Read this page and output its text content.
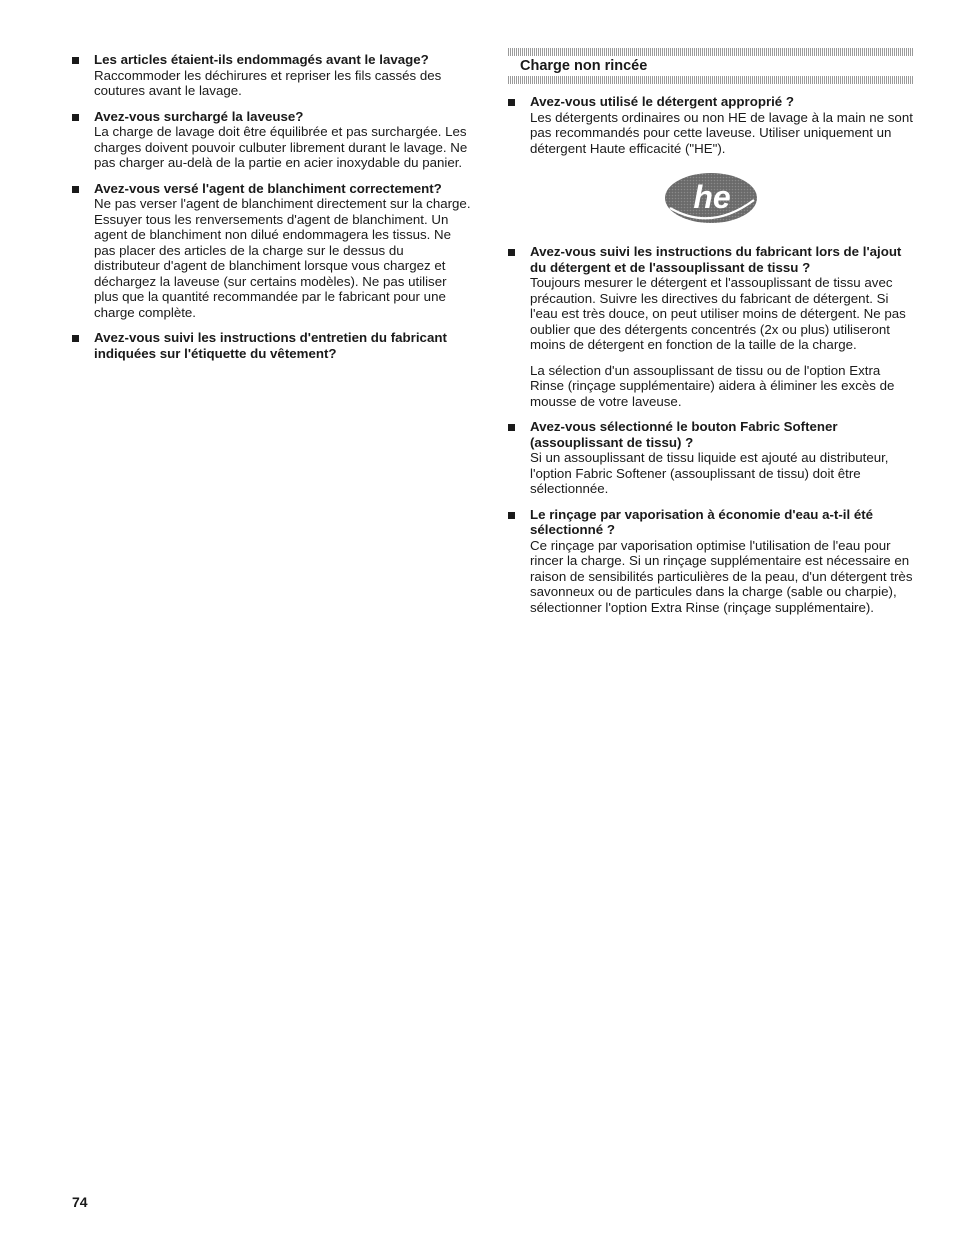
Les articles étaient-ils endommagés avant le lavage?
Raccommoder les déchirures et repriser les fils cassés des coutures avant le lavage.
Avez-vous surchargé la laveuse?
La charge de lavage doit être équilibrée et pas surchargée. Les charges doivent pouvoir culbuter librement durant le lavage. Ne pas charger au-delà de la partie en acier inoxydable du panier.
Avez-vous versé l'agent de blanchiment correctement?
Ne pas verser l'agent de blanchiment directement sur la charge. Essuyer tous les renversements d'agent de blanchiment. Un agent de blanchiment non dilué endommagera les tissus. Ne pas placer des articles de la charge sur le dessus du distributeur d'agent de blanchiment lorsque vous chargez et déchargez la laveuse (sur certains modèles). Ne pas utiliser plus que la quantité recommandée par le fabricant pour une charge complète.
Avez-vous suivi les instructions d'entretien du fabricant indiquées sur l'étiquette du vêtement?
Charge non rincée
Avez-vous utilisé le détergent approprié ?
Les détergents ordinaires ou non HE de lavage à la main ne sont pas recommandés pour cette laveuse. Utiliser uniquement un détergent Haute efficacité ("HE").
he
Avez-vous suivi les instructions du fabricant lors de l'ajout du détergent et de l'assouplissant de tissu ?
Toujours mesurer le détergent et l'assouplissant de tissu avec précaution. Suivre les directives du fabricant de détergent. Si l'eau est très douce, on peut utiliser moins de détergent. Ne pas oublier que des détergents concentrés (2x ou plus) utiliseront moins de détergent en fonction de la taille de la charge.
La sélection d'un assouplissant de tissu ou de l'option Extra Rinse (rinçage supplémentaire) aidera à éliminer les excès de mousse de votre laveuse.
Avez-vous sélectionné le bouton Fabric Softener (assouplissant de tissu) ?
Si un assouplissant de tissu liquide est ajouté au distributeur, l'option Fabric Softener (assouplissant de tissu) doit être sélectionnée.
Le rinçage par vaporisation à économie d'eau a-t-il été sélectionné ?
Ce rinçage par vaporisation optimise l'utilisation de l'eau pour rincer la charge. Si un rinçage supplémentaire est nécessaire en raison de sensibilités particulières de la peau, d'un détergent très savonneux ou de particules dans la charge (sable ou charpie), sélectionner l'option Extra Rinse (rinçage supplémentaire).
74
